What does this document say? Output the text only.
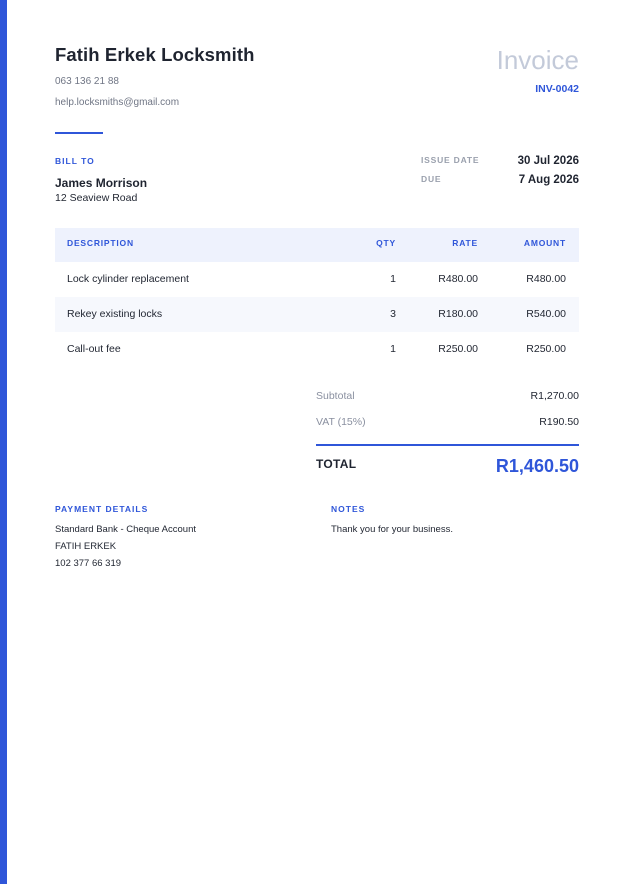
Fatih Erkek Locksmith
063 136 21 88
help.locksmiths@gmail.com
Invoice
INV-0042
BILL TO
James Morrison
12 Seaview Road
ISSUE DATE	30 Jul 2026
DUE	7 Aug 2026
DESCRIPTION	QTY	RATE	AMOUNT
Lock cylinder replacement	1	R480.00	R480.00
Rekey existing locks	3	R180.00	R540.00
Call-out fee	1	R250.00	R250.00
Subtotal	R1,270.00
VAT (15%)	R190.50
TOTAL	R1,460.50
PAYMENT DETAILS
Standard Bank - Cheque Account
FATIH ERKEK
102 377 66 319
NOTES
Thank you for your business.
